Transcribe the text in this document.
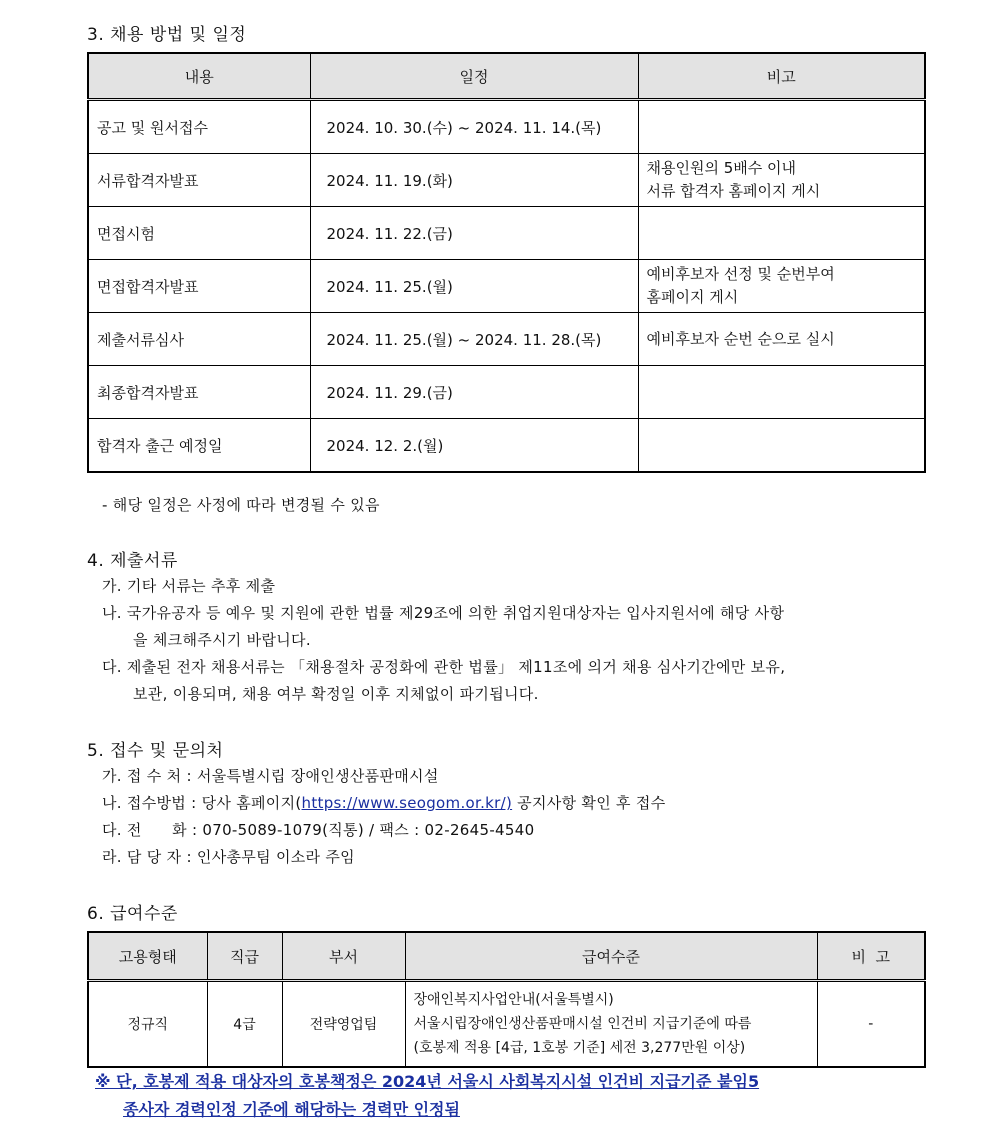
3. 채용 방법 및 일정
내용	일정	비고
공고 및 원서접수	2024. 10. 30.(수) ~ 2024. 11. 14.(목)	
서류합격자발표	2024. 11. 19.(화)	채용인원의 5배수 이내
서류 합격자 홈페이지 게시

면접시험	2024. 11. 22.(금)	
면접합격자발표	2024. 11. 25.(월)	예비후보자 선정 및 순번부여
홈페이지 게시

제출서류심사	2024. 11. 25.(월) ~ 2024. 11. 28.(목)	예비후보자 순번 순으로 실시
최종합격자발표	2024. 11. 29.(금)	
합격자 출근 예정일	2024. 12. 2.(월)	
- 해당 일정은 사정에 따라 변경될 수 있음
4. 제출서류
가. 기타 서류는 추후 제출
나. 국가유공자 등 예우 및 지원에 관한 법률 제29조에 의한 취업지원대상자는 입사지원서에 해당 사항
을 체크해주시기 바랍니다.
다. 제출된 전자 채용서류는 「채용절차 공정화에 관한 법률」 제11조에 의거 채용 심사기간에만 보유,
보관, 이용되며, 채용 여부 확정일 이후 지체없이 파기됩니다.
5. 접수 및 문의처
가. 접 수 처 : 서울특별시립 장애인생산품판매시설
나. 접수방법 : 당사 홈페이지(https://www.seogom.or.kr/) 공지사항 확인 후 접수
다. 전      화 : 070-5089-1079(직통) / 팩스 : 02-2645-4540
라. 담 당 자 : 인사총무팀 이소라 주임
6. 급여수준
고용형태	직급	부서	급여수준	비  고
정규직	4급	전략영업팀	장애인복지사업안내(서울특별시)
서울시립장애인생산품판매시설 인건비 지급기준에 따름
(호봉제 적용 [4급, 1호봉 기준] 세전 3,277만원 이상)	-
※ 단, 호봉제 적용 대상자의 호봉책정은 2024년 서울시 사회복지시설 인건비 지급기준 붙임5
종사자 경력인정 기준에 해당하는 경력만 인정됨
